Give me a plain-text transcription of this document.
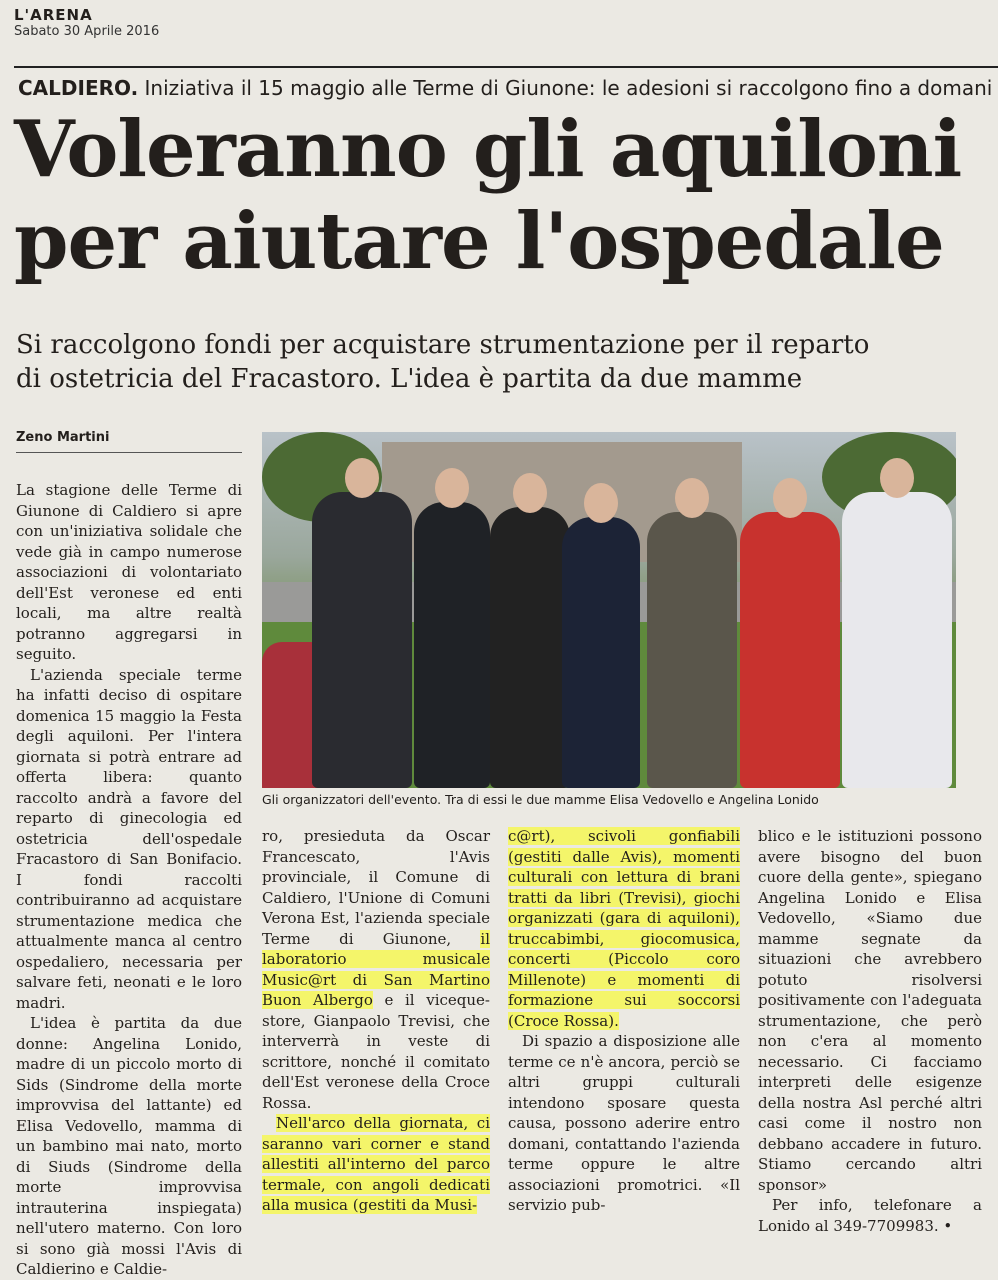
L'ARENA
Sabato 30 Aprile 2016
CALDIERO. Iniziativa il 15 maggio alle Terme di Giunone: le adesioni si raccolgono fino a domani
Voleranno gli aquiloni
per aiutare l'ospedale
Si raccolgono fondi per acquistare strumentazione per il reparto
di ostetricia del Fracastoro. L'idea è partita da due mamme
Zeno Martini
Gli organizzatori dell'evento. Tra di essi le due mamme Elisa Vedovello e Angelina Lonido

La stagione delle Terme di Giunone di Caldiero si apre con un'iniziativa solidale che vede già in campo numerose associazioni di volontariato dell'Est veronese ed enti locali, ma altre realtà potranno aggregarsi in seguito.

L'azienda speciale terme ha infatti deciso di ospitare domenica 15 maggio la Festa degli aquiloni. Per l'intera giornata si potrà entrare ad offerta libera: quanto raccolto andrà a favore del reparto di ginecologia ed ostetricia dell'ospedale Fracastoro di San Bonifacio. I fondi raccolti contribuiranno ad acquistare strumentazione medica che attualmente manca al centro ospedaliero, necessaria per salvare feti, neonati e le loro madri.

L'idea è partita da due donne: Angelina Lonido, madre di un piccolo morto di Sids (Sindrome della morte improvvisa del lattante) ed Elisa Vedovello, mamma di un bambino mai nato, morto di Siuds (Sindrome della morte improvvisa intrauterina inspiegata) nell'utero materno. Con loro si sono già mossi l'Avis di Caldierino e Caldie-

ro, presieduta da Oscar Francescato, l'Avis provinciale, il Comune di Caldiero, l'Unione di Comuni Verona Est, l'azienda speciale Terme di Giunone, il laboratorio musicale Music@rt di San Martino Buon Albergo e il viceque-store, Gianpaolo Trevisi, che interverrà in veste di scrittore, nonché il comitato dell'Est veronese della Croce Rossa.

Nell'arco della giornata, ci saranno vari corner e stand allestiti all'interno del parco termale, con angoli dedicati alla musica (gestiti da Musi-

c@rt), scivoli gonfiabili (gestiti dalle Avis), momenti culturali con lettura di brani tratti da libri (Trevisi), giochi organizzati (gara di aquiloni), truccabimbi, giocomusica, concerti (Piccolo coro Millenote) e momenti di formazione sui soccorsi (Croce Rossa).

Di spazio a disposizione alle terme ce n'è ancora, perciò se altri gruppi culturali intendono sposare questa causa, possono aderire entro domani, contattando l'azienda terme oppure le altre associazioni promotrici. «Il servizio pub-

blico e le istituzioni possono avere bisogno del buon cuore della gente», spiegano Angelina Lonido e Elisa Vedovello, «Siamo due mamme segnate da situazioni che avrebbero potuto risolversi positivamente con l'adeguata strumentazione, che però non c'era al momento necessario. Ci facciamo interpreti delle esigenze della nostra Asl perché altri casi come il nostro non debbano accadere in futuro. Stiamo cercando altri sponsor»

Per info, telefonare a Lonido al 349-7709983. •
